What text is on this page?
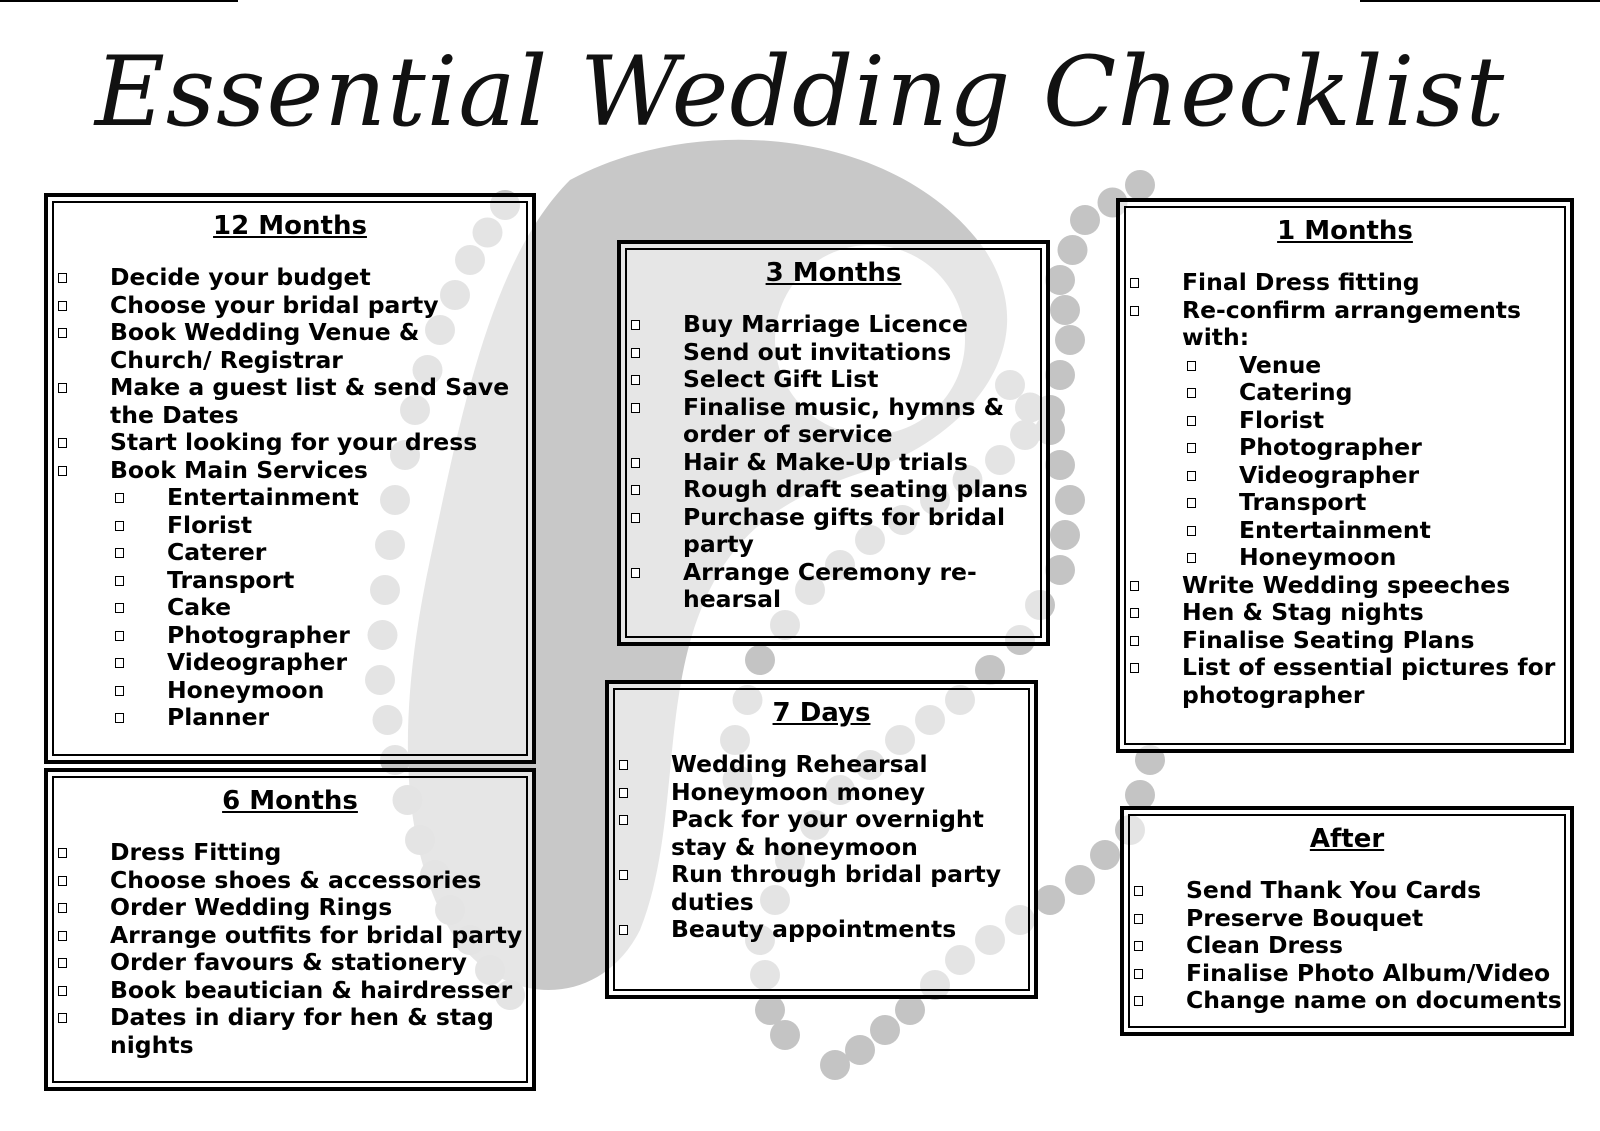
Essential Wedding Checklist
12 Months
Decide your budget
Choose your bridal party
Book Wedding Venue & Church/ Registrar
Make a guest list & send Save the Dates
Start looking for your dress
Book Main Services
Entertainment
Florist
Caterer
Transport
Cake
Photographer
Videographer
Honeymoon
Planner
6 Months
Dress Fitting
Choose shoes & accessories
Order Wedding Rings
Arrange outfits for bridal party
Order favours & stationery
Book beautician & hairdresser
Dates in diary for hen & stag nights
3 Months
Buy Marriage Licence
Send out invitations
Select Gift List
Finalise music, hymns & order of service
Hair & Make-Up trials
Rough draft seating plans
Purchase gifts for bridal party
Arrange Ceremony re-hearsal
7 Days
Wedding Rehearsal
Honeymoon money
Pack for your overnight stay & honeymoon
Run through bridal party duties
Beauty appointments
1 Months
Final Dress fitting
Re-confirm arrangements with:
Venue
Catering
Florist
Photographer
Videographer
Transport
Entertainment
Honeymoon
Write Wedding speeches
Hen & Stag nights
Finalise Seating Plans
List of essential pictures for photographer
After
Send Thank You Cards
Preserve Bouquet
Clean Dress
Finalise Photo Album/Video
Change name on documents
